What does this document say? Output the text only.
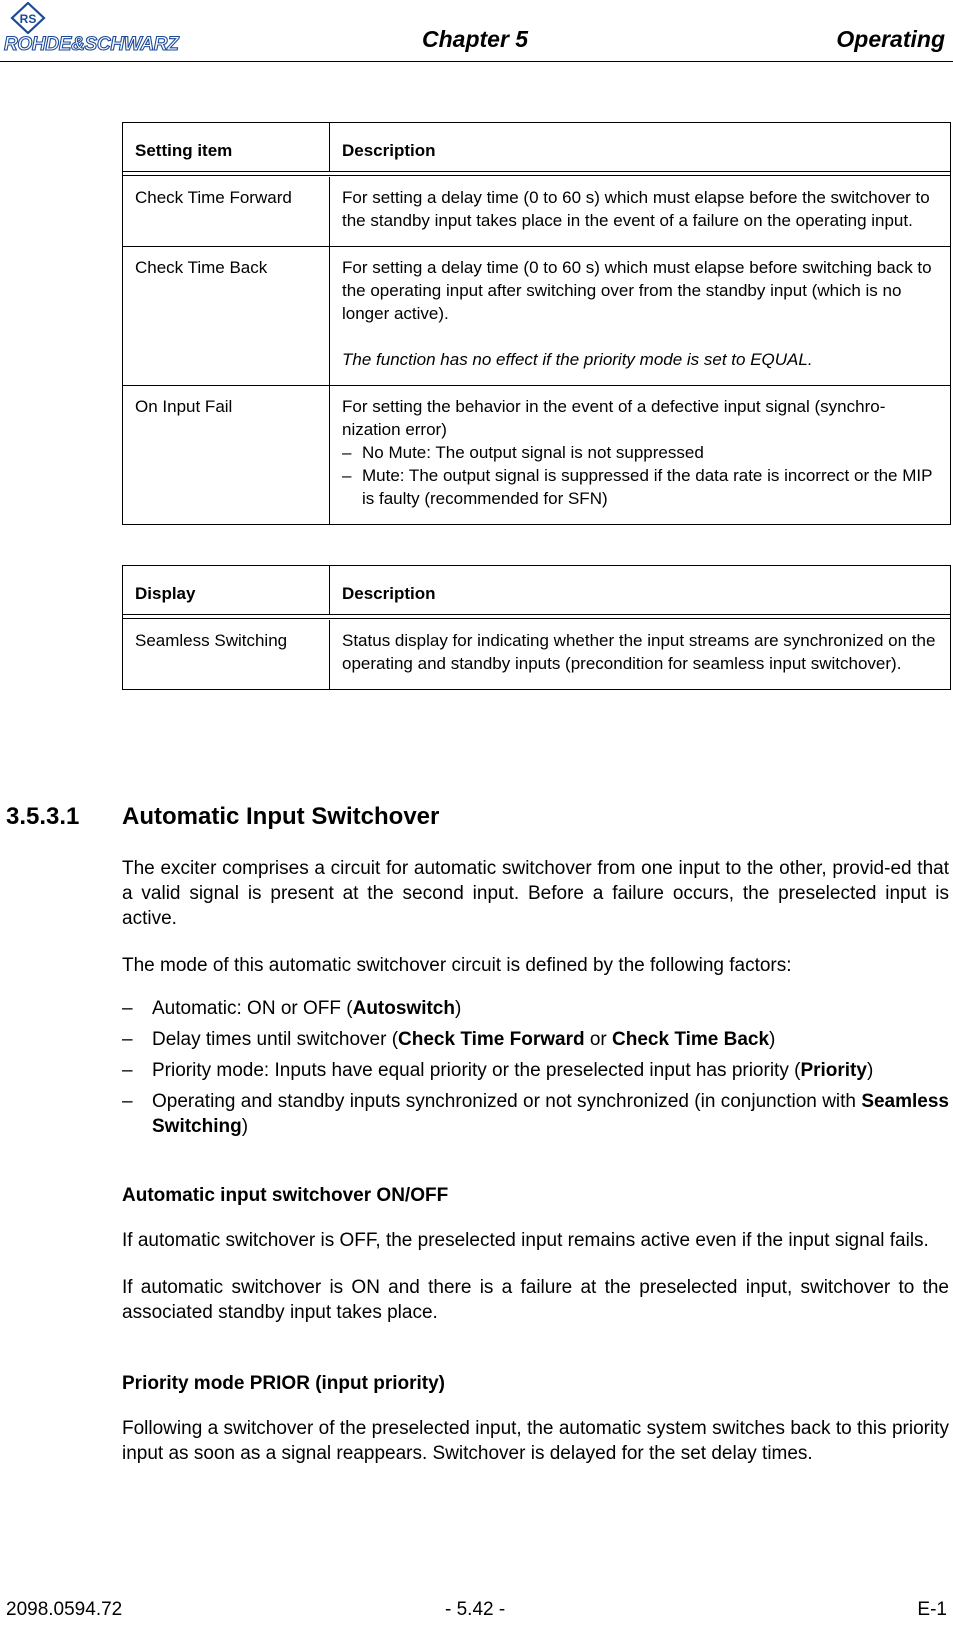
RS
ROHDE&SCHWARZ	Chapter 5	Operating
Setting item	Description
Check Time Forward	For setting a delay time (0 to 60 s) which must elapse before the switchover to the standby input takes place in the event of a failure on the operating input.

Check Time Back	For setting a delay time (0 to 60 s) which must elapse before switching back to the operating input after switching over from the standby input (which is no longer active).

The function has no effect if the priority mode is set to EQUAL.

On Input Fail	For setting the behavior in the event of a defective input signal (synchro-nization error)

– No Mute: The output signal is not suppressed
– Mute: The output signal is suppressed if the data rate is incorrect or the MIP is faulty (recommended for SFN)
Display	Description
Seamless Switching	Status display for indicating whether the input streams are synchronized on the operating and standby inputs (precondition for seamless input switchover).

3.5.3.1 Automatic Input Switchover

The exciter comprises a circuit for automatic switchover from one input to the other, provid-ed that a valid signal is present at the second input. Before a failure occurs, the preselected input is active.

The mode of this automatic switchover circuit is defined by the following factors:

– Automatic: ON or OFF (Autoswitch)
– Delay times until switchover (Check Time Forward or Check Time Back)
– Priority mode: Inputs have equal priority or the preselected input has priority (Priority)
– Operating and standby inputs synchronized or not synchronized (in conjunction with Seamless Switching)
Automatic input switchover ON/OFF

If automatic switchover is OFF, the preselected input remains active even if the input signal fails.

If automatic switchover is ON and there is a failure at the preselected input, switchover to the associated standby input takes place.

Priority mode PRIOR (input priority)

Following a switchover of the preselected input, the automatic system switches back to this priority input as soon as a signal reappears. Switchover is delayed for the set delay times.

2098.0594.72	- 5.42 -	E-1
